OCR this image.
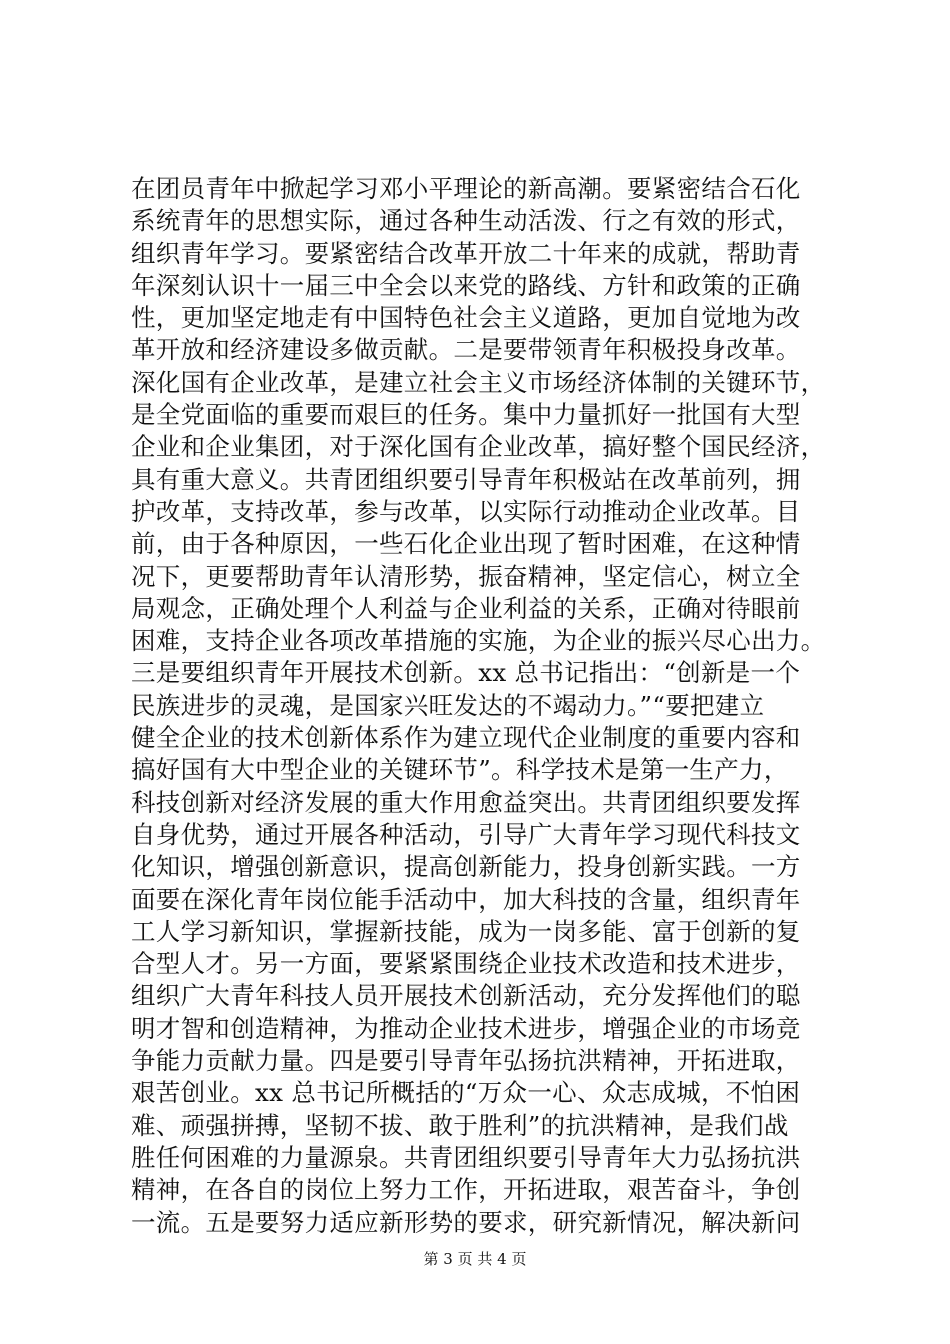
在团员青年中掀起学习邓小平理论的新高潮。要紧密结合石化
系统青年的思想实际，通过各种生动活泼、行之有效的形式，
组织青年学习。要紧密结合改革开放二十年来的成就，帮助青
年深刻认识十一届三中全会以来党的路线、方针和政策的正确
性，更加坚定地走有中国特色社会主义道路，更加自觉地为改
革开放和经济建设多做贡献。二是要带领青年积极投身改革。
深化国有企业改革，是建立社会主义市场经济体制的关键环节，
是全党面临的重要而艰巨的任务。集中力量抓好一批国有大型
企业和企业集团，对于深化国有企业改革，搞好整个国民经济，
具有重大意义。共青团组织要引导青年积极站在改革前列，拥
护改革，支持改革，参与改革，以实际行动推动企业改革。目
前，由于各种原因，一些石化企业出现了暂时困难，在这种情
况下，更要帮助青年认清形势，振奋精神，坚定信心，树立全
局观念，正确处理个人利益与企业利益的关系，正确对待眼前
困难，支持企业各项改革措施的实施，为企业的振兴尽心出力。
三是要组织青年开展技术创新。xx 总书记指出：“创新是一个
民族进步的灵魂，是国家兴旺发达的不竭动力。”“要把建立
健全企业的技术创新体系作为建立现代企业制度的重要内容和
搞好国有大中型企业的关键环节”。科学技术是第一生产力，
科技创新对经济发展的重大作用愈益突出。共青团组织要发挥
自身优势，通过开展各种活动，引导广大青年学习现代科技文
化知识，增强创新意识，提高创新能力，投身创新实践。一方
面要在深化青年岗位能手活动中，加大科技的含量，组织青年
工人学习新知识，掌握新技能，成为一岗多能、富于创新的复
合型人才。另一方面，要紧紧围绕企业技术改造和技术进步，
组织广大青年科技人员开展技术创新活动，充分发挥他们的聪
明才智和创造精神，为推动企业技术进步，增强企业的市场竞
争能力贡献力量。四是要引导青年弘扬抗洪精神，开拓进取，
艰苦创业。xx 总书记所概括的“万众一心、众志成城，不怕困
难、顽强拼搏，坚韧不拔、敢于胜利”的抗洪精神，是我们战
胜任何困难的力量源泉。共青团组织要引导青年大力弘扬抗洪
精神，在各自的岗位上努力工作，开拓进取，艰苦奋斗，争创
一流。五是要努力适应新形势的要求，研究新情况，解决新问
第 3 页 共 4 页
